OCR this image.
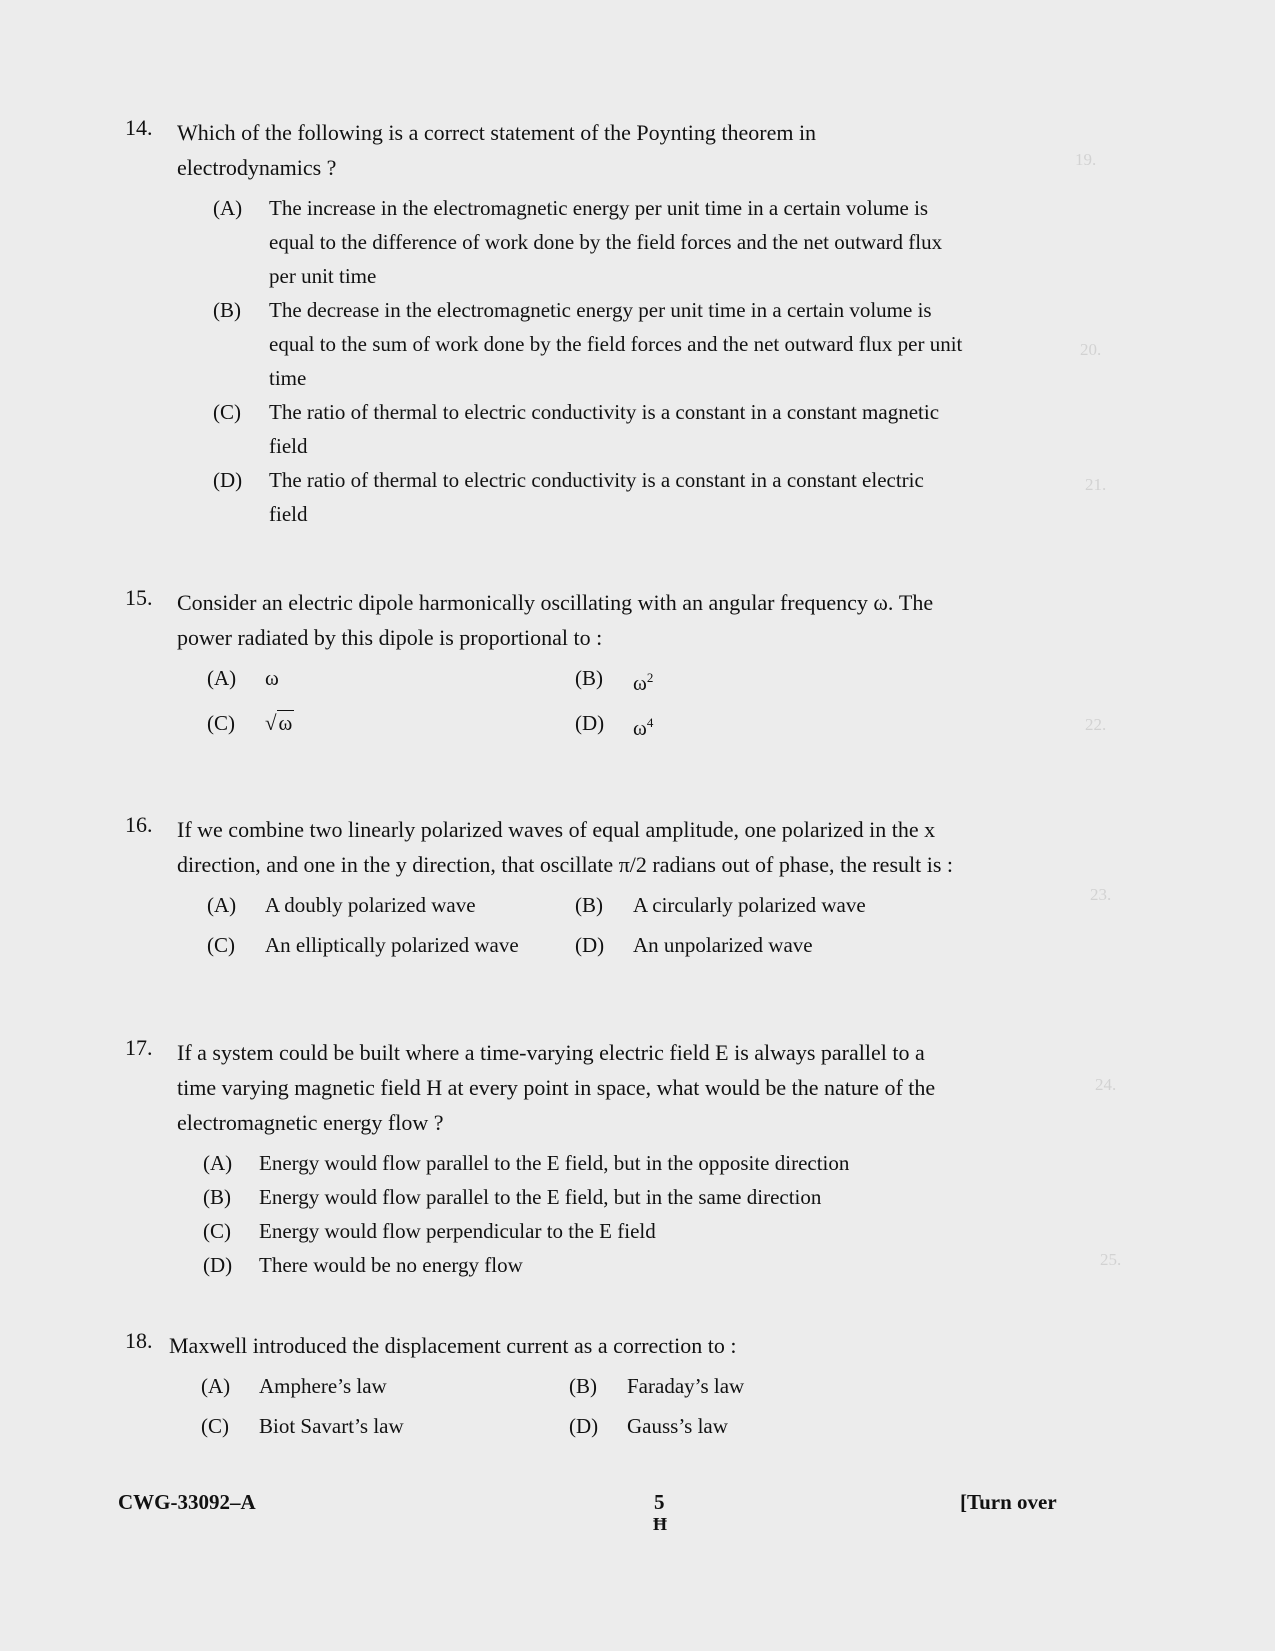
19.
20.
21.
22.
23.
24.
25.
14. Which of the following is a correct statement of the Poynting theorem in electrodynamics ?
(A)	The increase in the electromagnetic energy per unit time in a certain volume is equal to the difference of work done by the field forces and the net outward flux per unit time
(B)	The decrease in the electromagnetic energy per unit time in a certain volume is equal to the sum of work done by the field forces and the net outward flux per unit time
(C)	The ratio of thermal to electric conductivity is a constant in a constant magnetic field
(D)	The ratio of thermal to electric conductivity is a constant in a constant electric field
15. Consider an electric dipole harmonically oscillating with an angular frequency ω. The power radiated by this dipole is proportional to :
(A)	ω	(B)	$\omega^2$
(C)	√ω	(D)	$\omega^4$
16. If we combine two linearly polarized waves of equal amplitude, one polarized in the x direction, and one in the y direction, that oscillate π/2 radians out of phase, the result is :
(A)	A doubly polarized wave	(B)	A circularly polarized wave
(C)	An elliptically polarized wave	(D)	An unpolarized wave
17. If a system could be built where a time-varying electric field E is always parallel to a time varying magnetic field H at every point in space, what would be the nature of the electromagnetic energy flow ?
(A)	Energy would flow parallel to the E field, but in the opposite direction
(B)	Energy would flow parallel to the E field, but in the same direction
(C)	Energy would flow perpendicular to the E field
(D)	There would be no energy flow
18. Maxwell introduced the displacement current as a correction to :
(A)	Amphere’s law	(B)	Faraday’s law
(C)	Biot Savart’s law	(D)	Gauss’s law
CWG-33092–A	5
Ħ
[Turn over
